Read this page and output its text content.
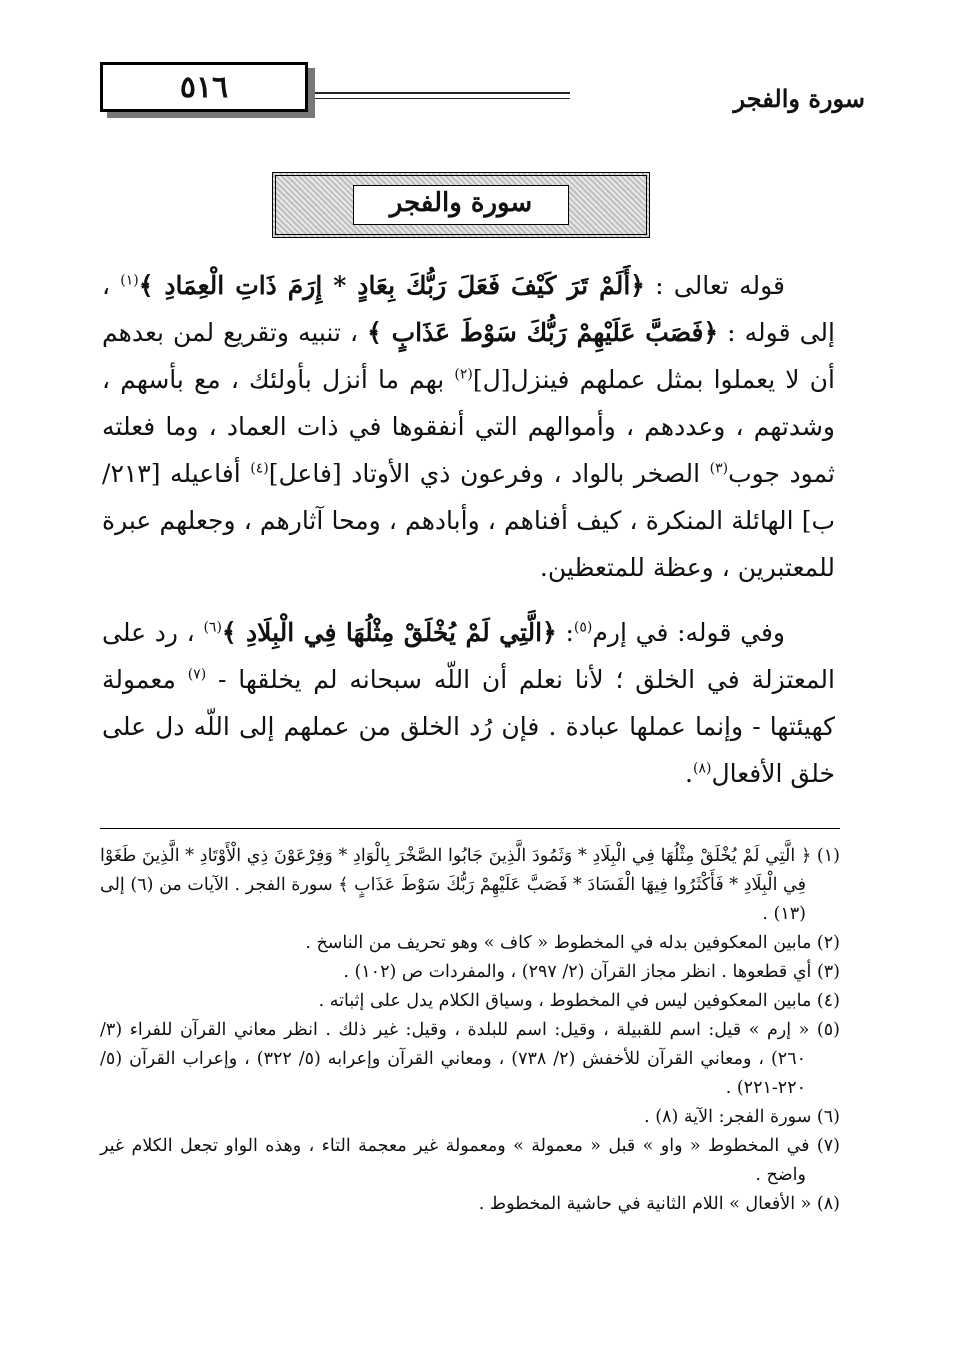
سورة والفجر
٥١٦
سورة والفجر

قوله تعالى : ﴿أَلَمْ تَرَ كَيْفَ فَعَلَ رَبُّكَ بِعَادٍ * إِرَمَ ذَاتِ الْعِمَادِ ﴾$^{(١)}$ ، إلى قوله : ﴿فَصَبَّ عَلَيْهِمْ رَبُّكَ سَوْطَ عَذَابٍ ﴾ ، تنبيه وتقريع لمن بعدهم أن لا يعملوا بمثل عملهم فينزل[ل]$^{(٢)}$ بهم ما أنزل بأولئك ، مع بأسهم ، وشدتهم ، وعددهم ، وأموالهم التي أنفقوها في ذات العماد ، وما فعلته ثمود جوب$^{(٣)}$ الصخر بالواد ، وفرعون ذي الأوتاد [فاعل]$^{(٤)}$ أفاعيله [٢١٣/ب] الهائلة المنكرة ، كيف أفناهم ، وأبادهم ، ومحا آثارهم ، وجعلهم عبرة للمعتبرين ، وعظة للمتعظين.

وفي قوله: في إرم$^{(٥)}$: ﴿الَّتِي لَمْ يُخْلَقْ مِثْلُهَا فِي الْبِلَادِ ﴾$^{(٦)}$ ، رد على المعتزلة في الخلق ؛ لأنا نعلم أن اللّه سبحانه لم يخلقها - $^{(٧)}$ معمولة كهيئتها - وإنما عملها عبادة . فإن رُد الخلق من عملهم إلى اللّه دل على خلق الأفعال$^{(٨)}$.

(١) ﴿ الَّتِي لَمْ يُخْلَقْ مِثْلُهَا فِي الْبِلَادِ * وَثَمُودَ الَّذِينَ جَابُوا الصَّخْرَ بِالْوَادِ * وَفِرْعَوْنَ ذِي الْأَوْتَادِ * الَّذِينَ طَغَوْا فِي الْبِلَادِ * فَأَكْثَرُوا فِيهَا الْفَسَادَ * فَصَبَّ عَلَيْهِمْ رَبُّكَ سَوْطَ عَذَابٍ ﴾ سورة الفجر . الآيات من (٦) إلى (١٣) .

(٢) مابين المعكوفين بدله في المخطوط « كاف » وهو تحريف من الناسخ .

(٣) أي قطعوها . انظر مجاز القرآن (٢/ ٢٩٧) ، والمفردات ص (١٠٢) .

(٤) مابين المعكوفين ليس في المخطوط ، وسياق الكلام يدل على إثباته .

(٥) « إرم » قيل: اسم للقبيلة ، وقيل: اسم للبلدة ، وقيل: غير ذلك . انظر معاني القرآن للفراء (٣/ ٢٦٠) ، ومعاني القرآن للأخفش (٢/ ٧٣٨) ، ومعاني القرآن وإعرابه (٥/ ٣٢٢) ، وإعراب القرآن (٥/ ٢٢٠-٢٢١) .

(٦) سورة الفجر: الآية (٨) .

(٧) في المخطوط « واو » قبل « معمولة » ومعمولة غير معجمة التاء ، وهذه الواو تجعل الكلام غير واضح .

(٨) « الأفعال » اللام الثانية في حاشية المخطوط .
